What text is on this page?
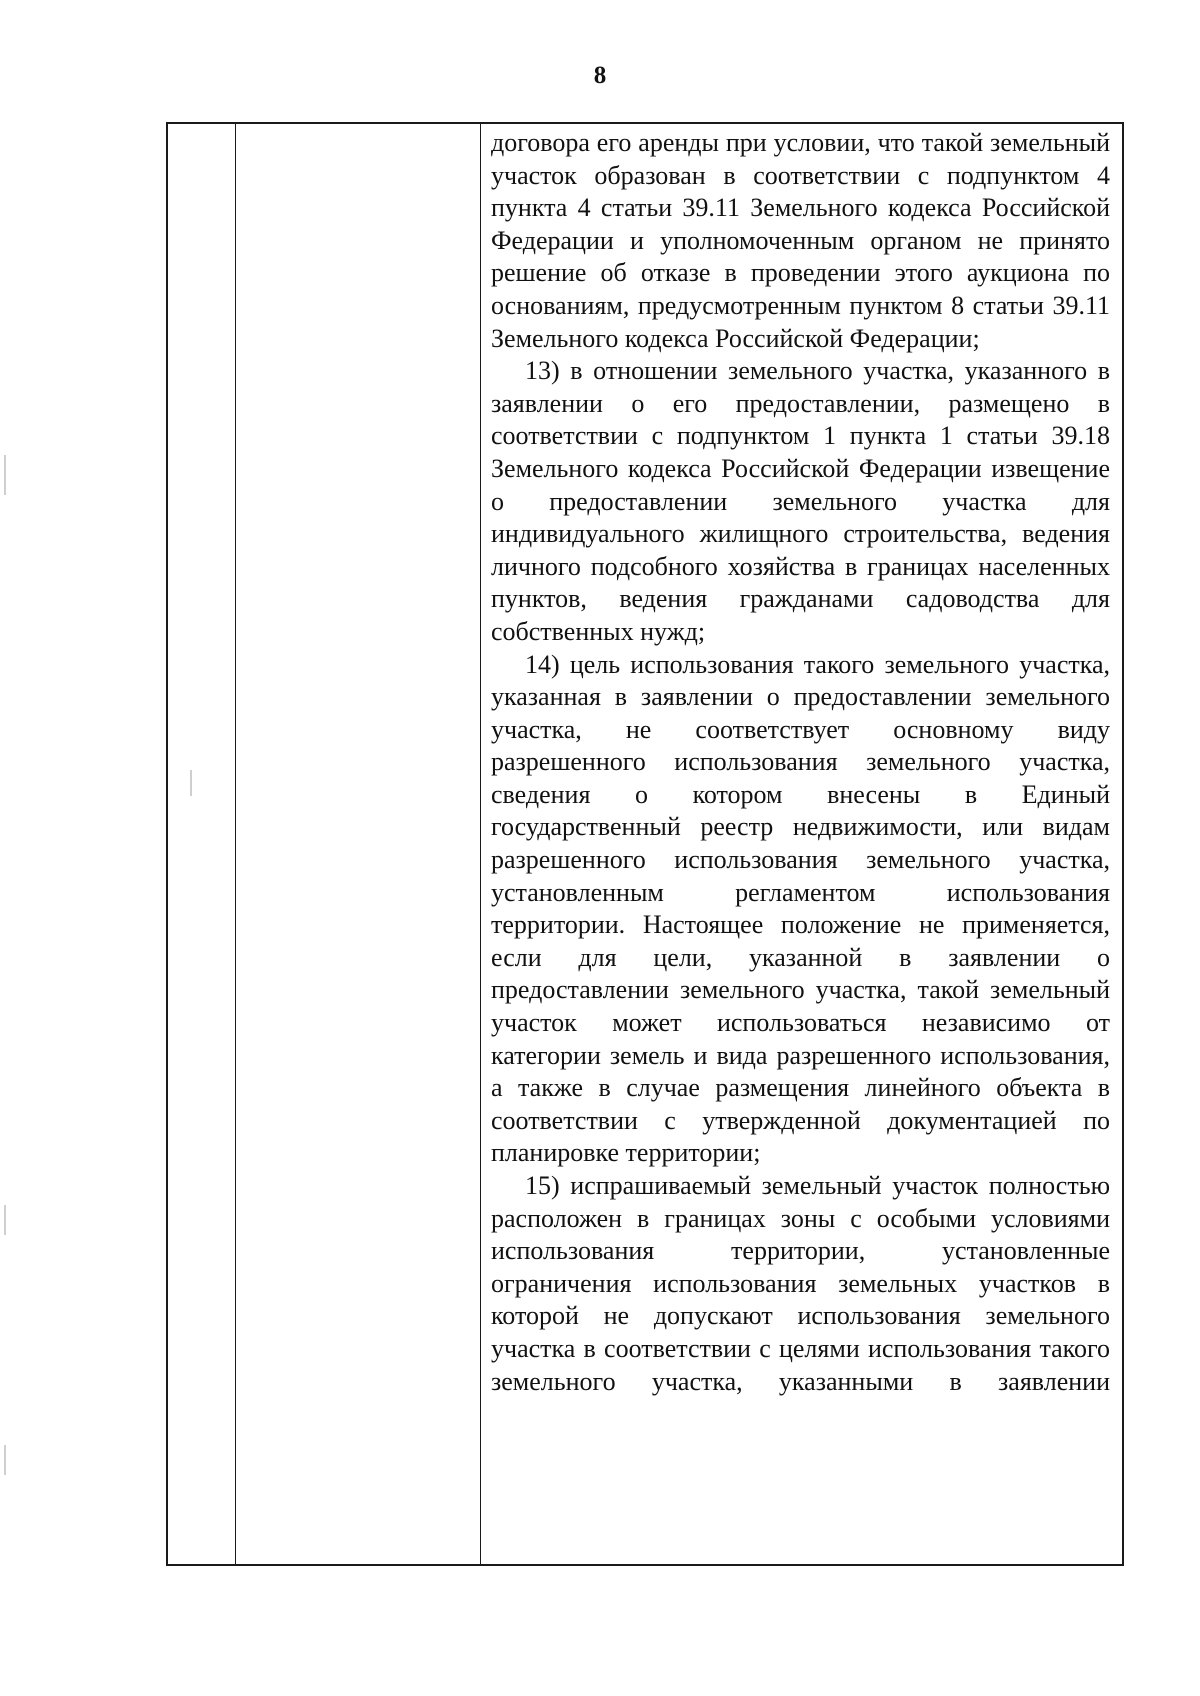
8

договора его аренды при условии, что такой земельный участок образован в соответствии с подпунктом 4 пункта 4 статьи 39.11 Земельного кодекса Российской Федерации и уполномоченным органом не принято решение об отказе в проведении этого аукциона по основаниям, предусмотренным пунктом 8 статьи 39.11 Земельного кодекса Российской Федерации;

13) в отношении земельного участка, указанного в заявлении о его предоставлении, размещено в соответствии с подпунктом 1 пункта 1 статьи 39.18 Земельного кодекса Российской Федерации извещение о предоставлении земельного участка для индивидуального жилищного строительства, ведения личного подсобного хозяйства в границах населенных пунктов, ведения гражданами садоводства для собственных нужд;

14) цель использования такого земельного участка, указанная в заявлении о предоставлении земельного участка, не соответствует основному виду разрешенного использования земельного участка, сведения о котором внесены в Единый государственный реестр недвижимости, или видам разрешенного использования земельного участка, установленным регламентом использования территории. Настоящее положение не применяется, если для цели, указанной в заявлении о предоставлении земельного участка, такой земельный участок может использоваться независимо от категории земель и вида разрешенного использования, а также в случае размещения линейного объекта в соответствии с утвержденной документацией по планировке территории;

15) испрашиваемый земельный участок полностью расположен в границах зоны с особыми условиями использования территории, установленные ограничения использования земельных участков в которой не допускают использования земельного участка в соответствии с целями использования такого земельного участка, указанными в заявлении
